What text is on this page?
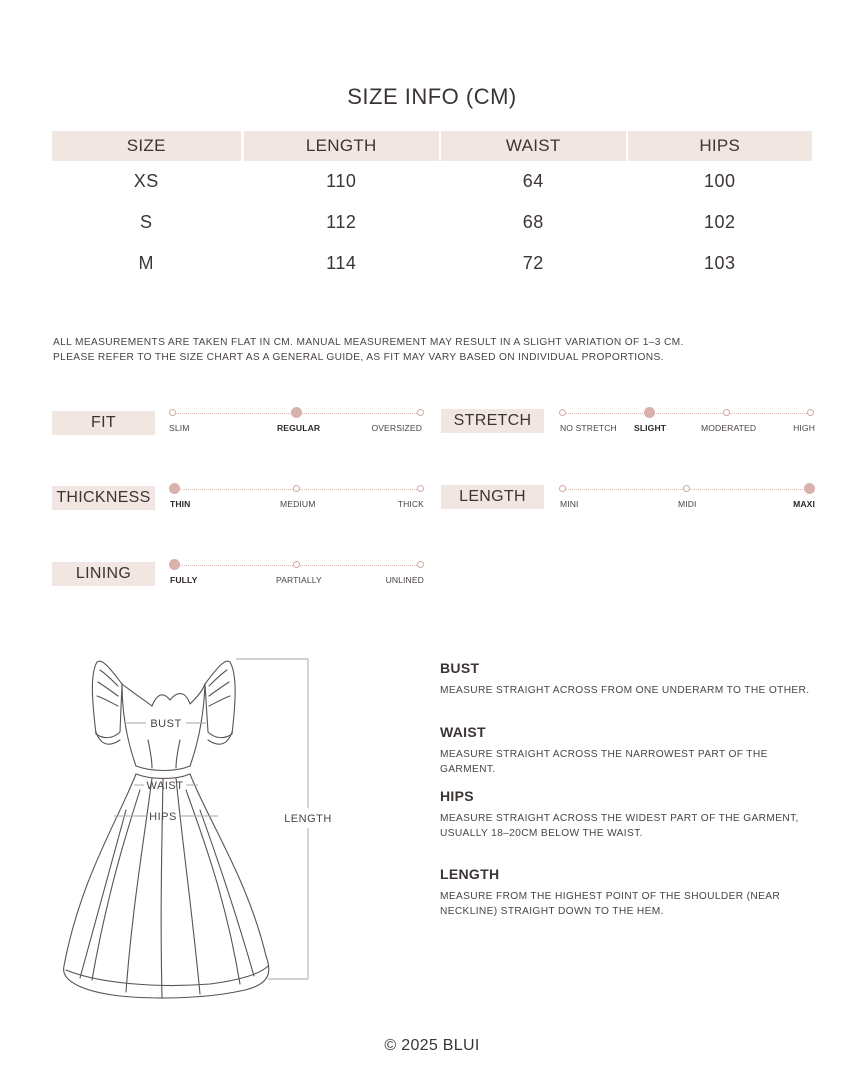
SIZE INFO (CM)
SIZE	LENGTH	WAIST	HIPS
XS	110	64	100
S	112	68	102
M	114	72	103
ALL MEASUREMENTS ARE TAKEN FLAT IN CM. MANUAL MEASUREMENT MAY RESULT IN A SLIGHT VARIATION OF 1–3 CM.
PLEASE REFER TO THE SIZE CHART AS A GENERAL GUIDE, AS FIT MAY VARY BASED ON INDIVIDUAL PROPORTIONS.
FIT	SLIM	REGULAR	OVERSIZED	STRETCH	NO STRETCH SLIGHT	MODERATED	HIGH
THICKNESS	THIN	MEDIUM	THICK	LENGTH	MINI	MIDI	MAXI
LINING	FULLY	PARTIALLY	UNLINED
BUST
WAIST
HIPS	LENGTH
BUST
MEASURE STRAIGHT ACROSS FROM ONE UNDERARM TO THE OTHER.
WAIST
MEASURE STRAIGHT ACROSS THE NARROWEST PART OF THE GARMENT.
HIPS
MEASURE STRAIGHT ACROSS THE WIDEST PART OF THE GARMENT, USUALLY 18–20CM BELOW THE WAIST.
LENGTH
MEASURE FROM THE HIGHEST POINT OF THE SHOULDER (NEAR NECKLINE) STRAIGHT DOWN TO THE HEM.
© 2025 BLUI
